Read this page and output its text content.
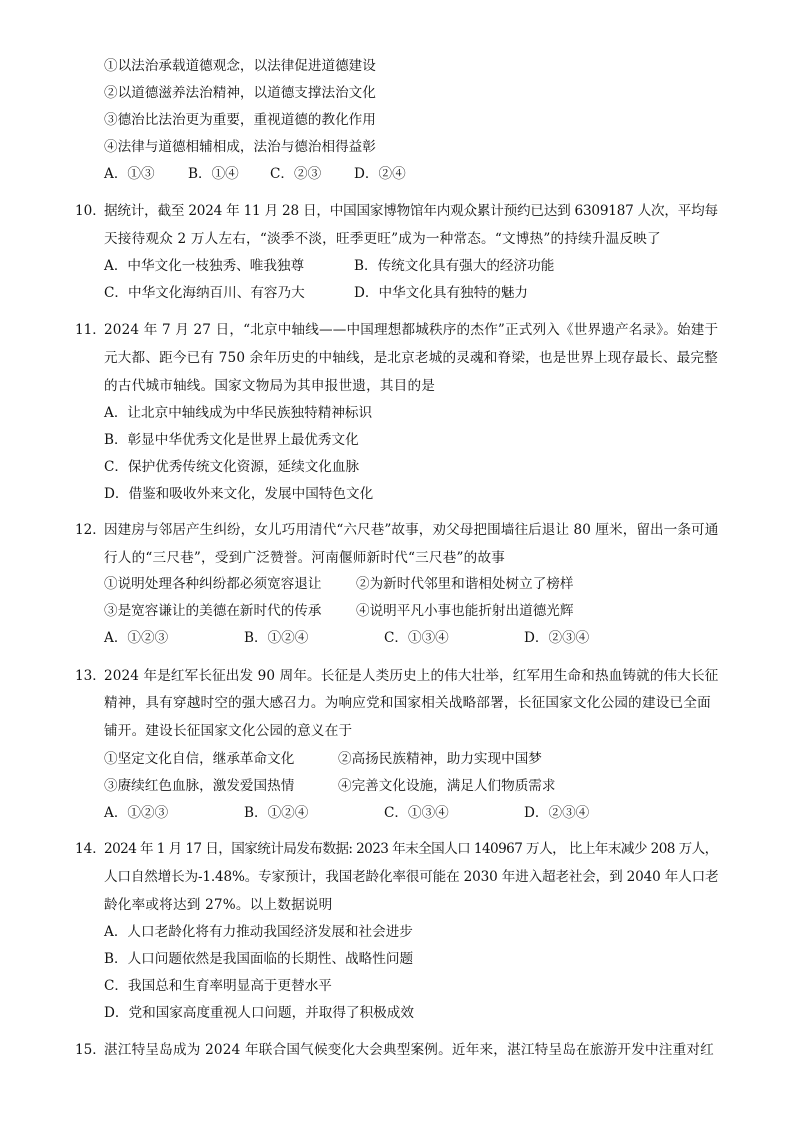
①以法治承载道德观念，以法律促进道德建设
②以道德滋养法治精神，以道德支撑法治文化
③德治比法治更为重要，重视道德的教化作用
④法律与道德相辅相成，法治与德治相得益彰
A．①③ B．①④ C．②③ D．②④
10．
据统计，截至 2024 年 11 月 28 日，中国国家博物馆年内观众累计预约已达到 6309187 人次，平均每
天接待观众 2 万人左右，“淡季不淡，旺季更旺”成为一种常态。“文博热”的持续升温反映了
A．中华文化一枝独秀、唯我独尊	B．传统文化具有强大的经济功能
C．中华文化海纳百川、有容乃大	D．中华文化具有独特的魅力
11．
2024 年 7 月 27 日，“北京中轴线——中国理想都城秩序的杰作”正式列入《世界遗产名录》。始建于
元大都、距今已有 750 余年历史的中轴线，是北京老城的灵魂和脊梁，也是世界上现存最长、最完整
的古代城市轴线。国家文物局为其申报世遗，其目的是
A．让北京中轴线成为中华民族独特精神标识
B．彰显中华优秀文化是世界上最优秀文化
C．保护优秀传统文化资源，延续文化血脉
D．借鉴和吸收外来文化，发展中国特色文化
12．
因建房与邻居产生纠纷，女儿巧用清代“六尺巷”故事，劝父母把围墙往后退让 80 厘米，留出一条可通
行人的“三尺巷”，受到广泛赞誉。河南偃师新时代“三尺巷”的故事
①说明处理各种纠纷都必须宽容退让	②为新时代邻里和谐相处树立了榜样
③是宽容谦让的美德在新时代的传承	④说明平凡小事也能折射出道德光辉
A．①②③	B．①②④	C．①③④	D．②③④
13．
2024 年是红军长征出发 90 周年。长征是人类历史上的伟大壮举，红军用生命和热血铸就的伟大长征
精神，具有穿越时空的强大感召力。为响应党和国家相关战略部署，长征国家文化公园的建设已全面
铺开。建设长征国家文化公园的意义在于
①坚定文化自信，继承革命文化	②高扬民族精神，助力实现中国梦
③赓续红色血脉，激发爱国热情	④完善文化设施，满足人们物质需求
A．①②③	B．①②④	C．①③④	D．②③④
14．
2024 年 1 月 17 日，国家统计局发布数据: 2023 年末全国人口 140967 万人， 比上年末减少 208 万人，
人口自然增长为-1.48%。专家预计，我国老龄化率很可能在 2030 年进入超老社会，到 2040 年人口老
龄化率或将达到 27%。以上数据说明
A．人口老龄化将有力推动我国经济发展和社会进步
B．人口问题依然是我国面临的长期性、战略性问题
C．我国总和生育率明显高于更替水平
D．党和国家高度重视人口问题，并取得了积极成效
15．
湛江特呈岛成为 2024 年联合国气候变化大会典型案例。近年来，湛江特呈岛在旅游开发中注重对红
